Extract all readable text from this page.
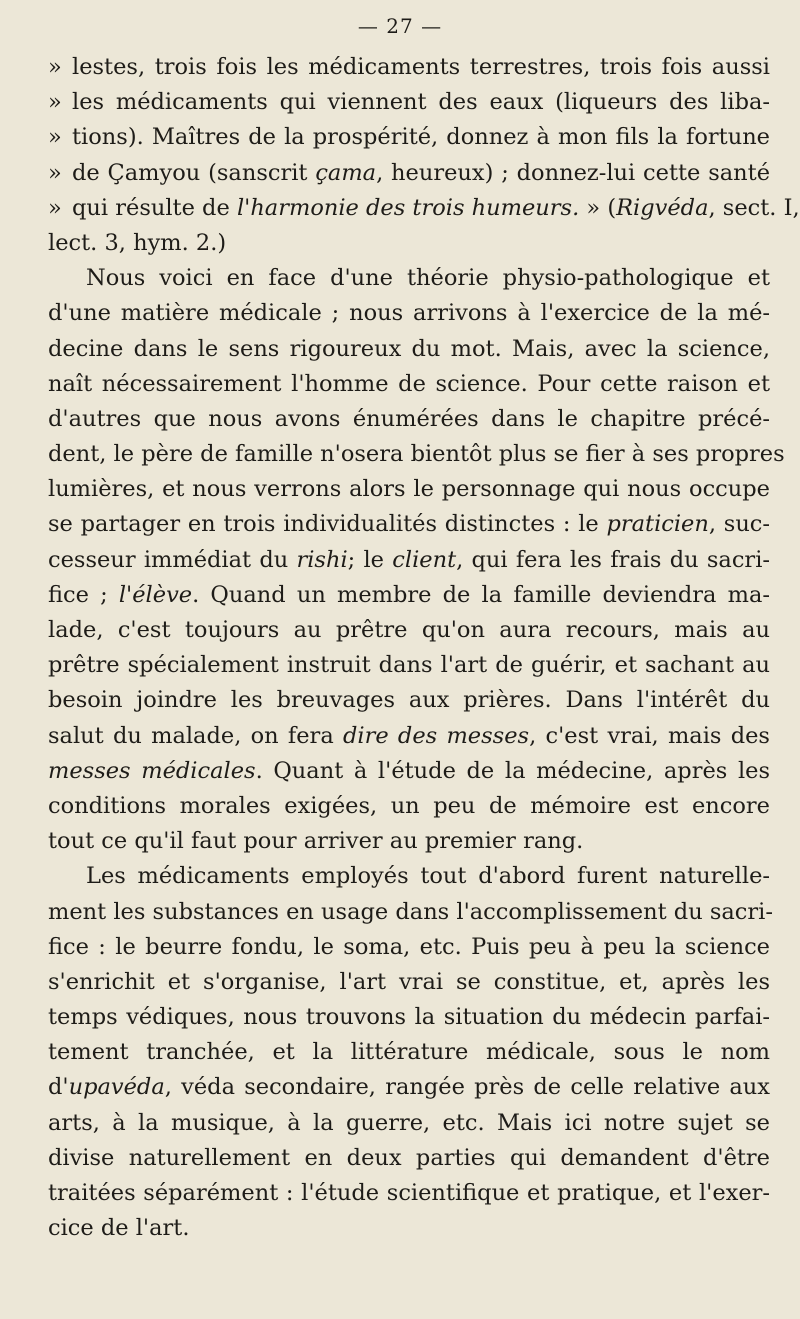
— 27 —
» lestes, trois fois les médicaments terrestres, trois fois aussi
» les médicaments qui viennent des eaux (liqueurs des liba-
» tions). Maîtres de la prospérité, donnez à mon fils la fortune
» de Çamyou (sanscrit çama, heureux) ; donnez-lui cette santé
» qui résulte de l'harmonie des trois humeurs. » (Rigvéda, sect. I,
lect. 3, hym. 2.)
Nous voici en face d'une théorie physio-pathologique et
d'une matière médicale ; nous arrivons à l'exercice de la mé-
decine dans le sens rigoureux du mot. Mais, avec la science,
naît nécessairement l'homme de science. Pour cette raison et
d'autres que nous avons énumérées dans le chapitre précé-
dent, le père de famille n'osera bientôt plus se fier à ses propres
lumières, et nous verrons alors le personnage qui nous occupe
se partager en trois individualités distinctes : le praticien, suc-
cesseur immédiat du rishi; le client, qui fera les frais du sacri-
fice ; l'élève. Quand un membre de la famille deviendra ma-
lade, c'est toujours au prêtre qu'on aura recours, mais au
prêtre spécialement instruit dans l'art de guérir, et sachant au
besoin joindre les breuvages aux prières. Dans l'intérêt du
salut du malade, on fera dire des messes, c'est vrai, mais des
messes médicales. Quant à l'étude de la médecine, après les
conditions morales exigées, un peu de mémoire est encore
tout ce qu'il faut pour arriver au premier rang.
Les médicaments employés tout d'abord furent naturelle-
ment les substances en usage dans l'accomplissement du sacri-
fice : le beurre fondu, le soma, etc. Puis peu à peu la science
s'enrichit et s'organise, l'art vrai se constitue, et, après les
temps védiques, nous trouvons la situation du médecin parfai-
tement tranchée, et la littérature médicale, sous le nom
d'upavéda, véda secondaire, rangée près de celle relative aux
arts, à la musique, à la guerre, etc. Mais ici notre sujet se
divise naturellement en deux parties qui demandent d'être
traitées séparément : l'étude scientifique et pratique, et l'exer-
cice de l'art.
